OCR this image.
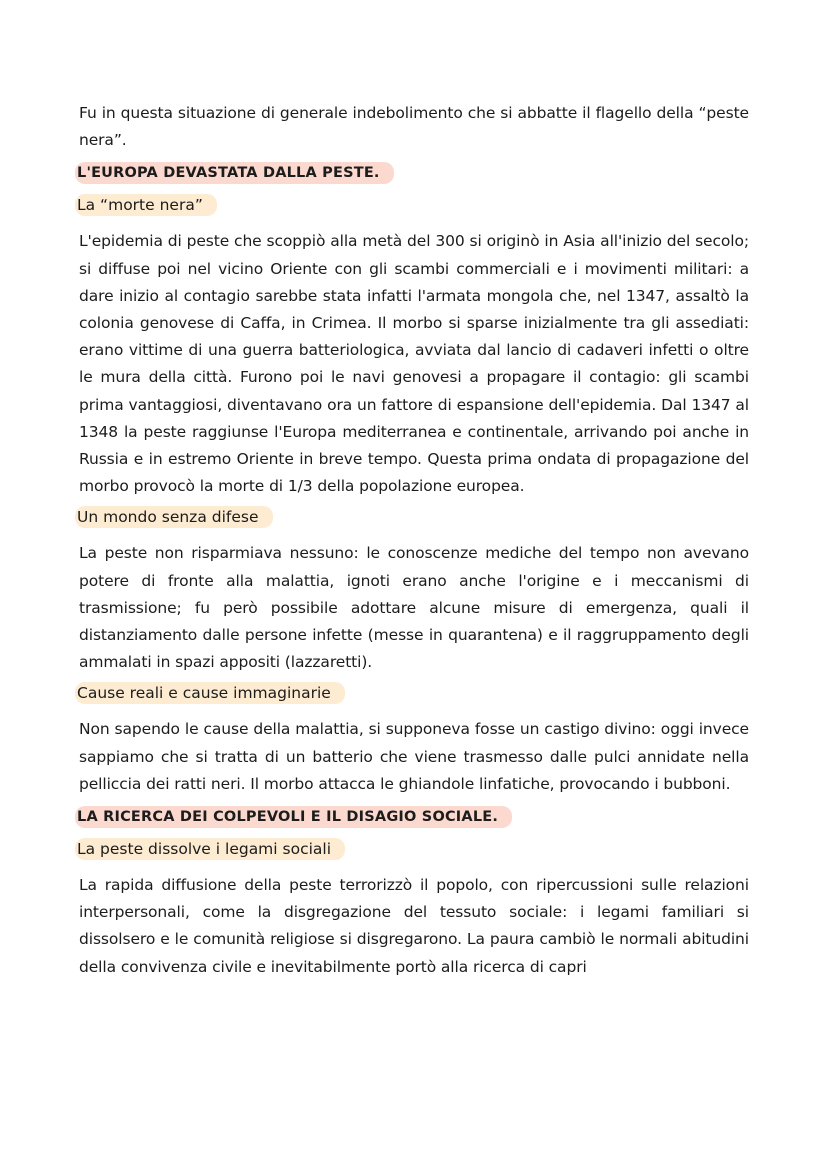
Fu in questa situazione di generale indebolimento che si abbatte il flagello della “peste nera”.

L'EUROPA DEVASTATA DALLA PESTE.
La “morte nera”

L'epidemia di peste che scoppiò alla metà del 300 si originò in Asia all'inizio del secolo; si diffuse poi nel vicino Oriente con gli scambi commerciali e i movimenti militari: a dare inizio al contagio sarebbe stata infatti l'armata mongola che, nel 1347, assaltò la colonia genovese di Caffa, in Crimea. Il morbo si sparse inizialmente tra gli assediati: erano vittime di una guerra batteriologica, avviata dal lancio di cadaveri infetti o oltre le mura della città. Furono poi le navi genovesi a propagare il contagio: gli scambi prima vantaggiosi, diventavano ora un fattore di espansione dell'epidemia. Dal 1347 al 1348 la peste raggiunse l'Europa mediterranea e continentale, arrivando poi anche in Russia e in estremo Oriente in breve tempo. Questa prima ondata di propagazione del morbo provocò la morte di 1/3 della popolazione europea.

Un mondo senza difese

La peste non risparmiava nessuno: le conoscenze mediche del tempo non avevano potere di fronte alla malattia, ignoti erano anche l'origine e i meccanismi di trasmissione; fu però possibile adottare alcune misure di emergenza, quali il distanziamento dalle persone infette (messe in quarantena) e il raggruppamento degli ammalati in spazi appositi (lazzaretti).

Cause reali e cause immaginarie

Non sapendo le cause della malattia, si supponeva fosse un castigo divino: oggi invece sappiamo che si tratta di un batterio che viene trasmesso dalle pulci annidate nella pelliccia dei ratti neri. Il morbo attacca le ghiandole linfatiche, provocando i bubboni.

LA RICERCA DEI COLPEVOLI E IL DISAGIO SOCIALE.
La peste dissolve i legami sociali

La rapida diffusione della peste terrorizzò il popolo, con ripercussioni sulle relazioni interpersonali, come la disgregazione del tessuto sociale: i legami familiari si dissolsero e le comunità religiose si disgregarono. La paura cambiò le normali abitudini della convivenza civile e inevitabilmente portò alla ricerca di capri
